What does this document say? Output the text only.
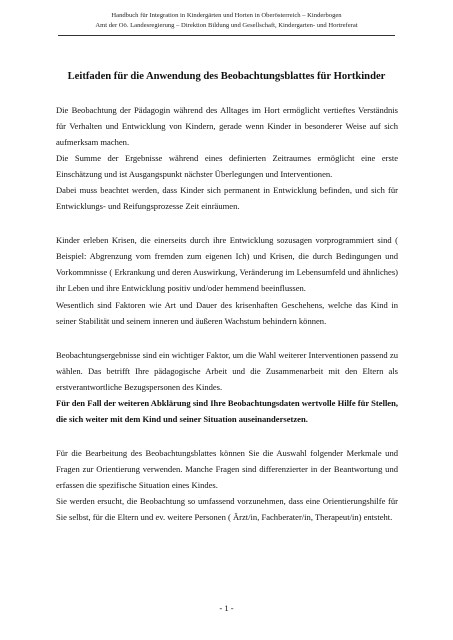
Handbuch für Integration in Kindergärten und Horten in Oberösterreich – Kinderbogen
Amt der Oö. Landesregierung – Direktion Bildung und Gesellschaft, Kindergarten- und Hortreferat
Leitfaden für die Anwendung des Beobachtungsblattes für Hortkinder

Die Beobachtung der Pädagogin während des Alltages im Hort ermöglicht vertieftes Verständnis für Verhalten und Entwicklung von Kindern, gerade wenn Kinder in besonderer Weise auf sich aufmerksam machen.

Die Summe der Ergebnisse während eines definierten Zeitraumes ermöglicht eine erste Einschätzung und ist Ausgangspunkt nächster Überlegungen und Interventionen.

Dabei muss beachtet werden, dass Kinder sich permanent in Entwicklung befinden, und sich für Entwicklungs- und Reifungsprozesse Zeit einräumen.

Kinder erleben Krisen, die einerseits durch ihre Entwicklung sozusagen vorprogrammiert sind ( Beispiel: Abgrenzung vom fremden zum eigenen Ich) und Krisen, die durch Bedingungen und Vorkommnisse ( Erkrankung und deren Auswirkung, Veränderung im Lebensumfeld und ähnliches) ihr Leben und ihre Entwicklung positiv und/oder hemmend beeinflussen.

Wesentlich sind Faktoren wie Art und Dauer des krisenhaften Geschehens, welche das Kind in seiner Stabilität und seinem inneren und äußeren Wachstum behindern können.

Beobachtungsergebnisse sind ein wichtiger Faktor, um die Wahl weiterer Interventionen passend zu wählen. Das betrifft Ihre pädagogische Arbeit und die Zusammenarbeit mit den Eltern als erstverantwortliche Bezugspersonen des Kindes.

Für den Fall der weiteren Abklärung sind Ihre Beobachtungsdaten wertvolle Hilfe für Stellen, die sich weiter mit dem Kind und seiner Situation auseinandersetzen.

Für die Bearbeitung des Beobachtungsblattes können Sie die Auswahl folgender Merkmale und Fragen zur Orientierung verwenden. Manche Fragen sind differenzierter in der Beantwortung und erfassen die spezifische Situation eines Kindes.

Sie werden ersucht, die Beobachtung so umfassend vorzunehmen, dass eine Orientierungshilfe für Sie selbst, für die Eltern und ev. weitere Personen ( Ärzt/in, Fachberater/in, Therapeut/in) entsteht.

- 1 -
